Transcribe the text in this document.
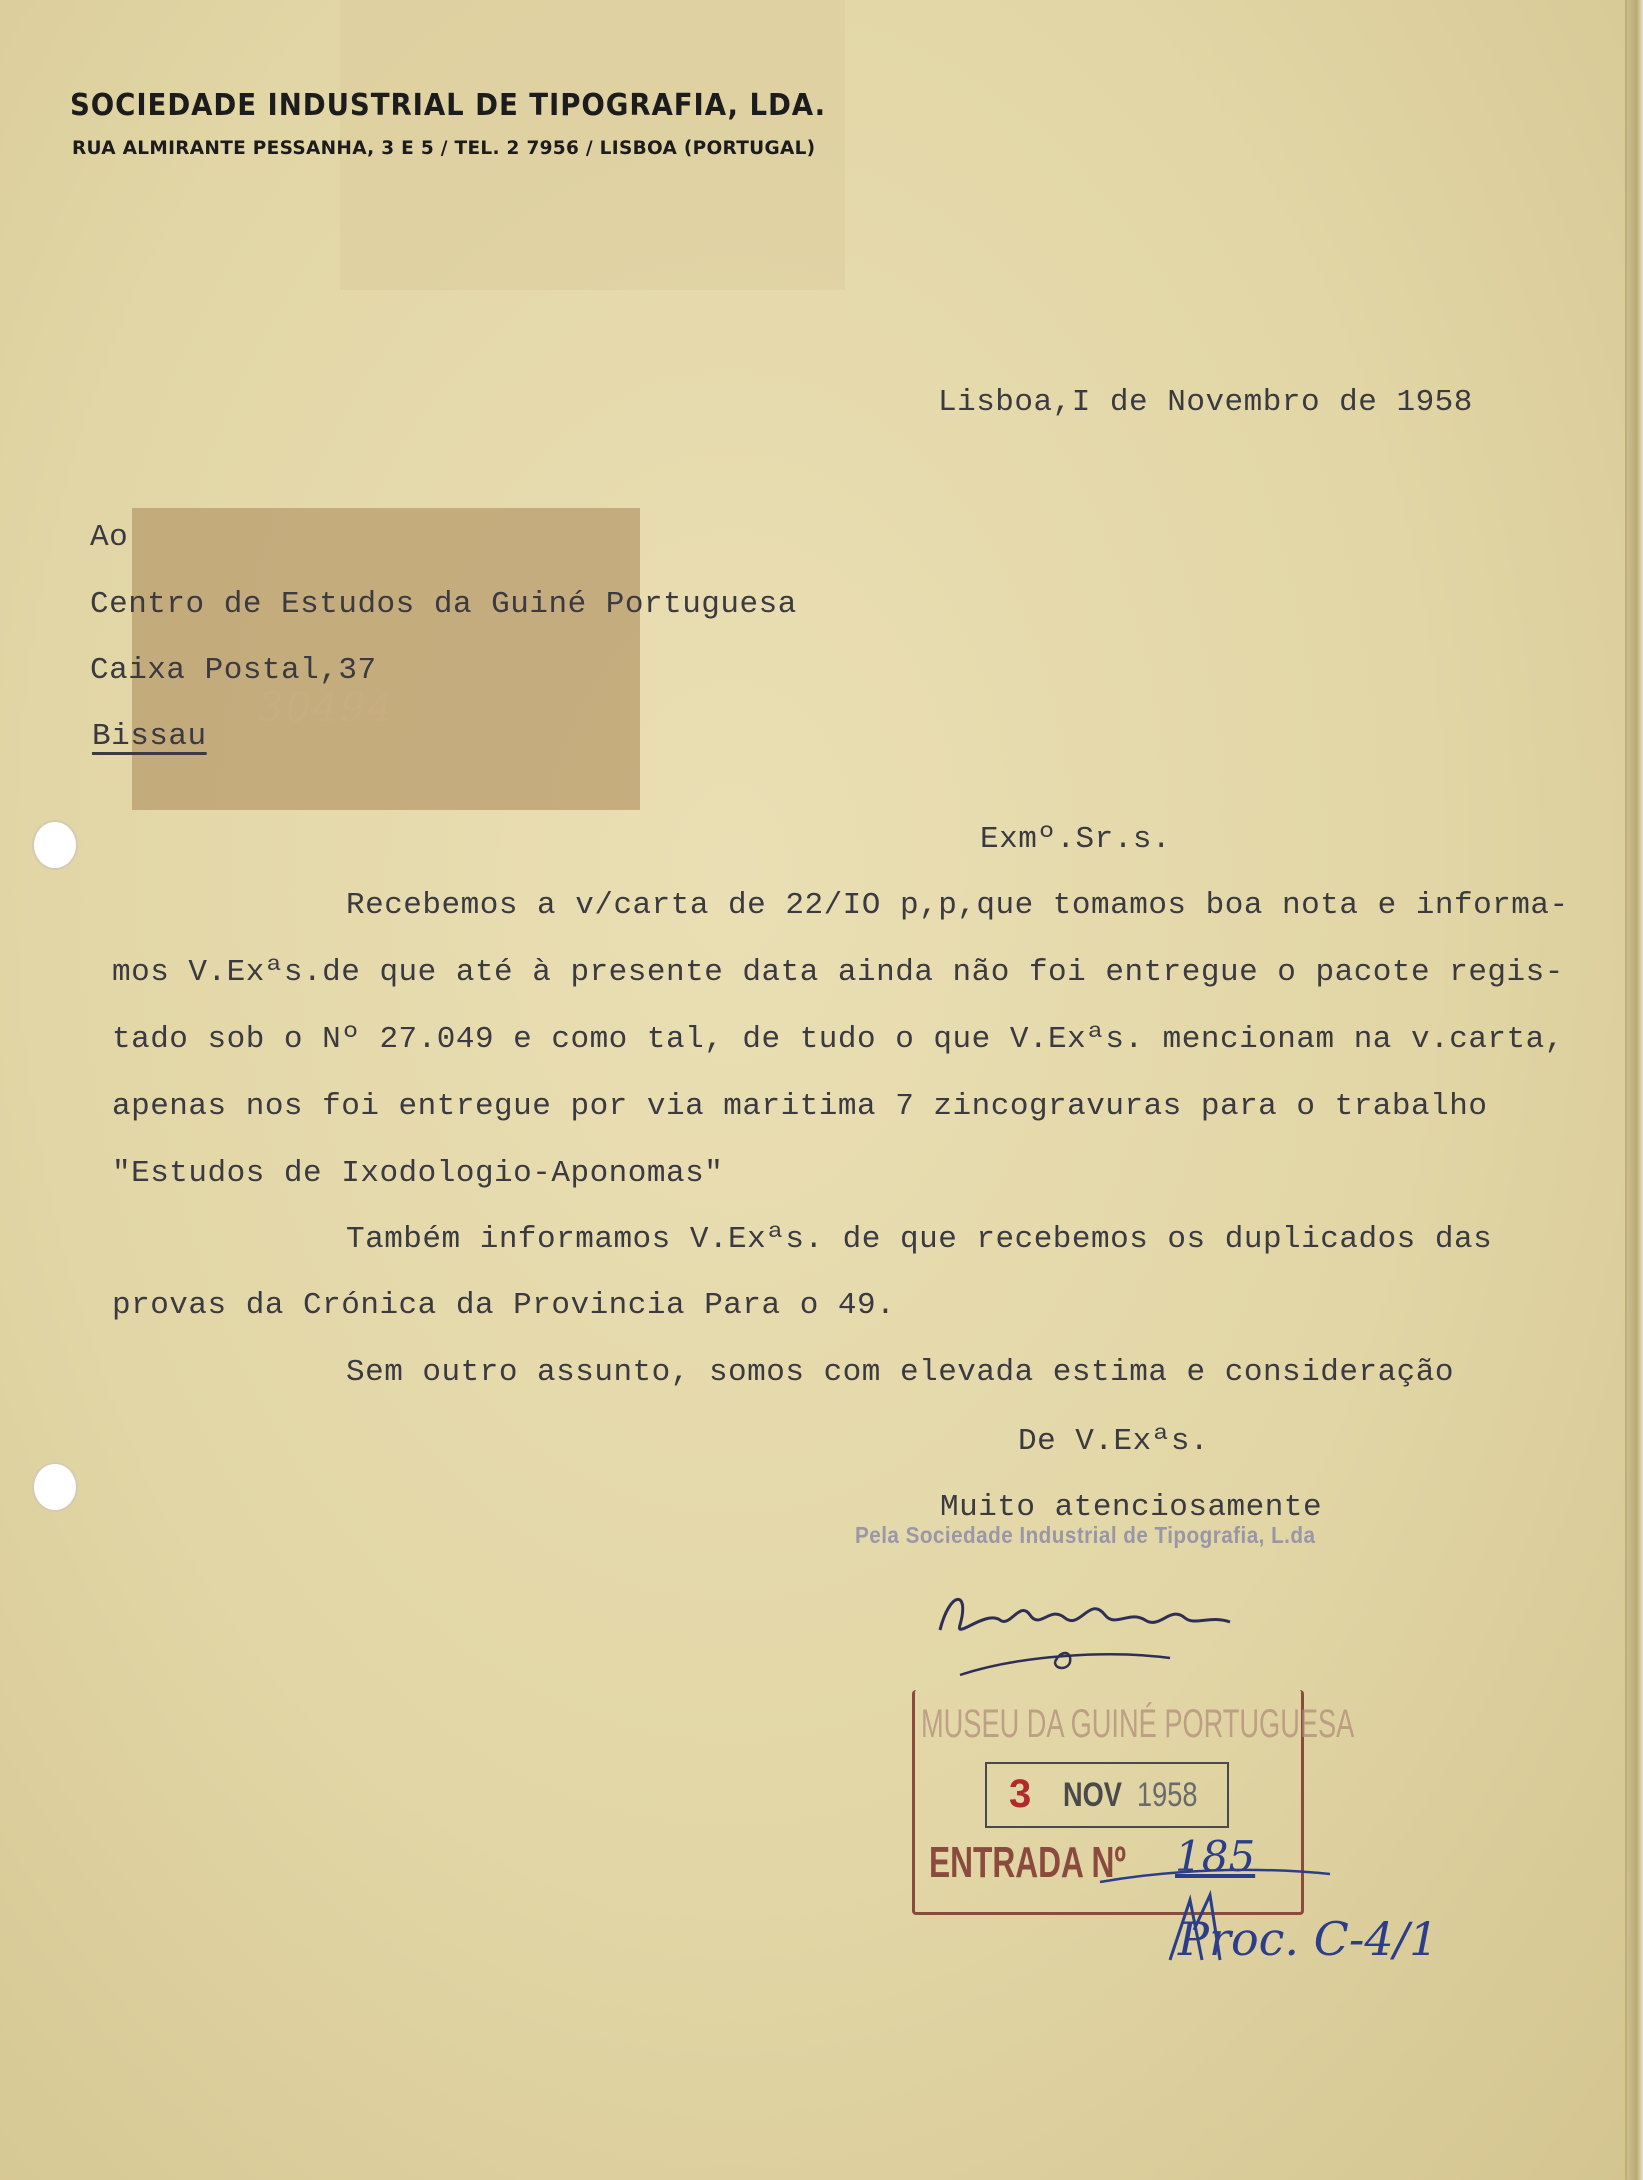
30494
SOCIEDADE INDUSTRIAL DE TIPOGRAFIA, LDA.
RUA ALMIRANTE PESSANHA, 3 E 5 / TEL. 2 7956 / LISBOA (PORTUGAL)
Lisboa,I de Novembro de 1958
Ao
Centro de Estudos da Guiné Portuguesa
Caixa Postal,37
Bissau
Exmº.Sr.s.
Recebemos a v/carta de 22/IO p,p,que tomamos boa nota e informa-
mos V.Exªs.de que até à presente data ainda não foi entregue o pacote regis-
tado sob o Nº 27.049 e como tal, de tudo o que V.Exªs. mencionam na v.carta,
apenas nos foi entregue por via maritima 7 zincogravuras para o trabalho
"Estudos de Ixodologio-Aponomas"
Também informamos V.Exªs. de que recebemos os duplicados das
provas da Crónica da Provincia Para o 49.
Sem outro assunto, somos com elevada estima e consideração
De V.Exªs.
Muito atenciosamente
Pela Sociedade Industrial de Tipografia, L.da
MUSEU DA GUINÉ PORTUGUESA
3 NOV 1958
ENTRADA Nº 185
Proc. C-4/1
